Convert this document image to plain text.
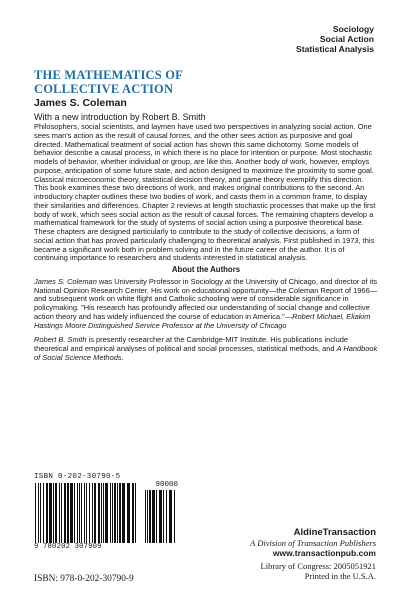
Sociology
Social Action
Statistical Analysis
THE MATHEMATICS OF
COLLECTIVE ACTION
James S. Coleman
With a new introduction by Robert B. Smith

Philosophers, social scientists, and laymen have used two perspectives in analyzing social action. One sees man's action as the result of causal forces, and the other sees action as purposive and goal directed. Mathematical treatment of social action has shown this same dichotomy. Some models of behavior describe a causal process, in which there is no place for intention or purpose. Most stochastic models of behavior, whether individual or group, are like this. Another body of work, however, employs purpose, anticipation of some future state, and action designed to maximize the proximity to some goal. Classical microeconomic theory, statistical decision theory, and game theory exemplify this direction.

This book examines these two directions of work, and makes original contributions to the second. An introductory chapter outlines these two bodies of work, and casts them in a common frame, to display their similarities and differences. Chapter 2 reviews at length stochastic processes that make up the first body of work, which sees social action as the result of causal forces. The remaining chapters develop a mathematical framework for the study of systems of social action using a purposive theoretical base. These chapters are designed particularly to contribute to the study of collective decisions, a form of social action that has proved particularly challenging to theoretical analysis. First published in 1973, this became a significant work both in problem solving and in the future career of the author. It is of continuing importance to researchers and students interested in statistical analysis.

About the Authors

James S. Coleman was University Professor in Sociology at the University of Chicago, and director of its National Opinion Research Center. His work on educational opportunity—the Coleman Report of 1966—and subsequent work on white flight and Catholic schooling were of considerable significance in policymaking. "His research has profoundly affected our understanding of social change and collective action theory and has widely influenced the course of education in America."—Robert Michael, Eliakim Hastings Moore Distinguished Service Professor at the University of Chicago

Robert B. Smith is presently researcher at the Cambridge-MIT Institute. His publications include theoretical and empirical analyses of political and social processes, statistical methods, and A Handbook of Social Science Methods.

ISBN 0-202-30790-5
90000
9 780202 307909
ISBN: 978-0-202-30790-9
AldineTransaction
A Division of Transaction Publishers
www.transactionpub.com
Library of Congress: 2005051921
Printed in the U.S.A.
